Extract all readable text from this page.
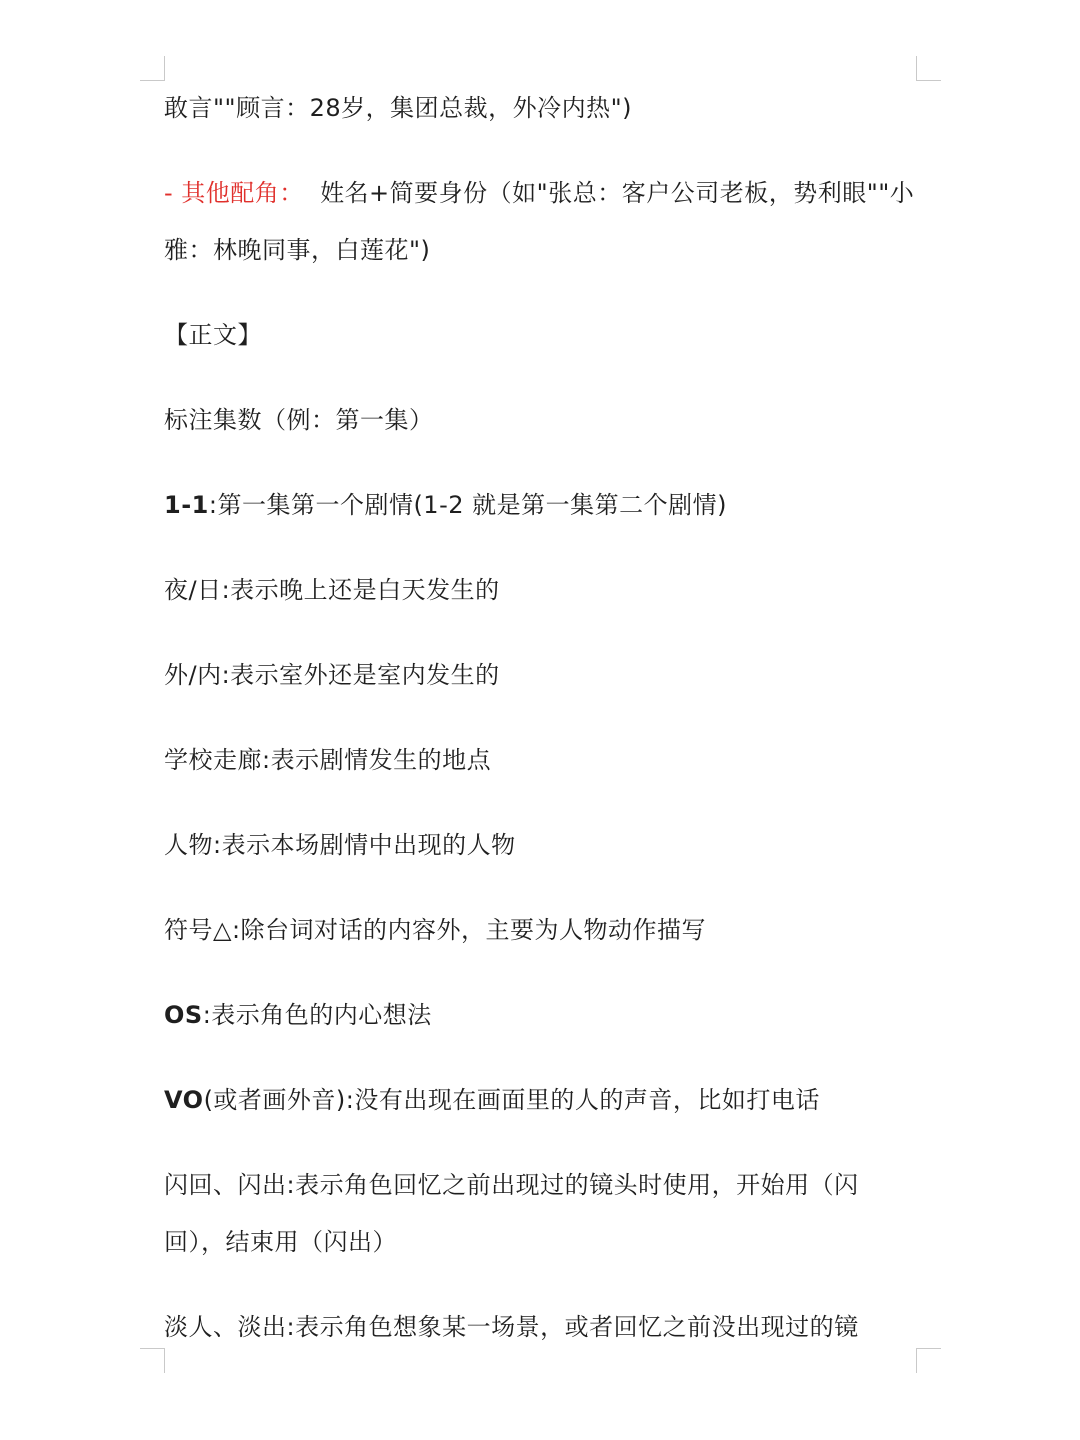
敢言""顾言：28岁，集团总裁，外冷内热")

- 其他配角： 姓名+简要身份（如"张总：客户公司老板，势利眼""小雅：林晚同事，白莲花")

【正文】

标注集数（例：第一集）

1-1:第一集第一个剧情(1-2 就是第一集第二个剧情)

夜/日:表示晚上还是白天发生的

外/内:表示室外还是室内发生的

学校走廊:表示剧情发生的地点

人物:表示本场剧情中出现的人物

符号△:除台词对话的内容外，主要为人物动作描写

OS:表示角色的内心想法

VO(或者画外音):没有出现在画面里的人的声音，比如打电话

闪回、闪出:表示角色回忆之前出现过的镜头时使用，开始用（闪回），结束用（闪出）

淡人、淡出:表示角色想象某一场景，或者回忆之前没出现过的镜
